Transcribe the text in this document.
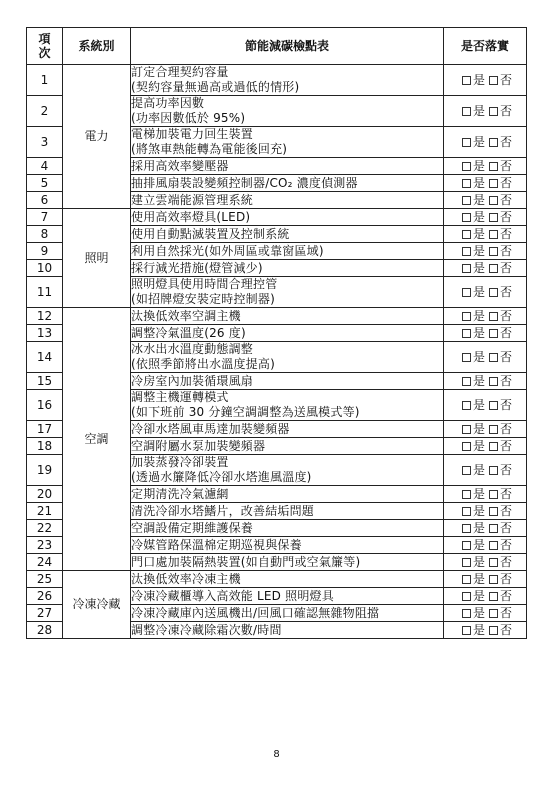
項
次	系統別	節能減碳檢點表	是否落實
1	電力	訂定合理契約容量
(契約容量無過高或過低的情形)	是 否
2		提高功率因數
(功率因數低於 95%)	是 否
3		電梯加裝電力回生裝置
(將煞車熱能轉為電能後回充)	是 否
4		採用高效率變壓器	是 否
5		抽排風扇裝設變頻控制器/CO₂ 濃度偵測器	是 否
6		建立雲端能源管理系統	是 否
7	照明	使用高效率燈具(LED)	是 否
8		使用自動點滅裝置及控制系統	是 否
9		利用自然採光(如外周區或靠窗區域)	是 否
10		採行減光措施(燈管減少)	是 否
11		照明燈具使用時間合理控管
(如招牌燈安裝定時控制器)	是 否
12	空調	汰換低效率空調主機	是 否
13		調整冷氣溫度(26 度)	是 否
14		冰水出水溫度動態調整
(依照季節將出水溫度提高)	是 否
15		冷房室內加裝循環風扇	是 否
16		調整主機運轉模式
(如下班前 30 分鐘空調調整為送風模式等)	是 否
17		冷卻水塔風車馬達加裝變頻器	是 否
18		空調附屬水泵加裝變頻器	是 否
19		加裝蒸發冷卻裝置
(透過水簾降低冷卻水塔進風溫度)	是 否
20		定期清洗冷氣濾網	是 否
21		清洗冷卻水塔鰭片，改善結垢問題	是 否
22		空調設備定期維護保養	是 否
23		冷媒管路保溫棉定期巡視與保養	是 否
24		門口處加裝隔熱裝置(如自動門或空氣簾等)	是 否
25	冷凍冷藏	汰換低效率冷凍主機	是 否
26		冷凍冷藏櫃導入高效能 LED 照明燈具	是 否
27		冷凍冷藏庫內送風機出/回風口確認無雜物阻擋	是 否
28		調整冷凍冷藏除霜次數/時間	是 否
8
